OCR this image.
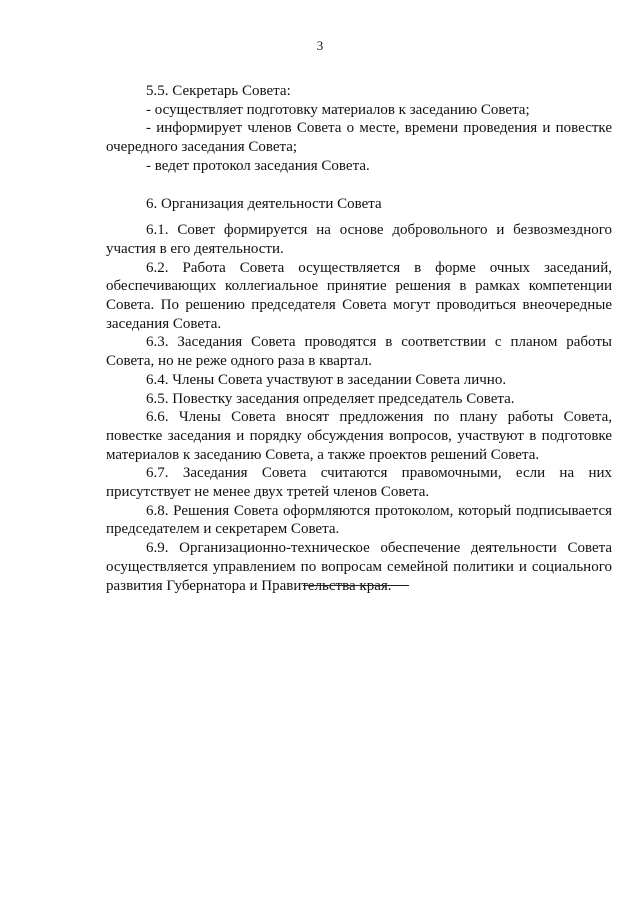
3

5.5. Секретарь Совета:

- осуществляет подготовку материалов к заседанию Совета;

- информирует членов Совета о месте, времени проведения и повестке очередного заседания Совета;

- ведет протокол заседания Совета.

6. Организация деятельности Совета

6.1. Совет формируется на основе добровольного и безвозмездного участия в его деятельности.

6.2. Работа Совета осуществляется в форме очных заседаний, обеспечивающих коллегиальное принятие решения в рамках компетенции Совета. По решению председателя Совета могут проводиться внеочередные заседания Совета.

6.3. Заседания Совета проводятся в соответствии с планом работы Совета, но не реже одного раза в квартал.

6.4. Члены Совета участвуют в заседании Совета лично.

6.5. Повестку заседания определяет председатель Совета.

6.6. Члены Совета вносят предложения по плану работы Совета, повестке заседания и порядку обсуждения вопросов, участвуют в подготовке материалов к заседанию Совета, а также проектов решений Совета.

6.7. Заседания Совета считаются правомочными, если на них присутствует не менее двух третей членов Совета.

6.8. Решения Совета оформляются протоколом, который подписывается председателем и секретарем Совета.

6.9. Организационно-техническое обеспечение деятельности Совета осуществляется управлением по вопросам семейной политики и социального развития Губернатора и Правительства края.
